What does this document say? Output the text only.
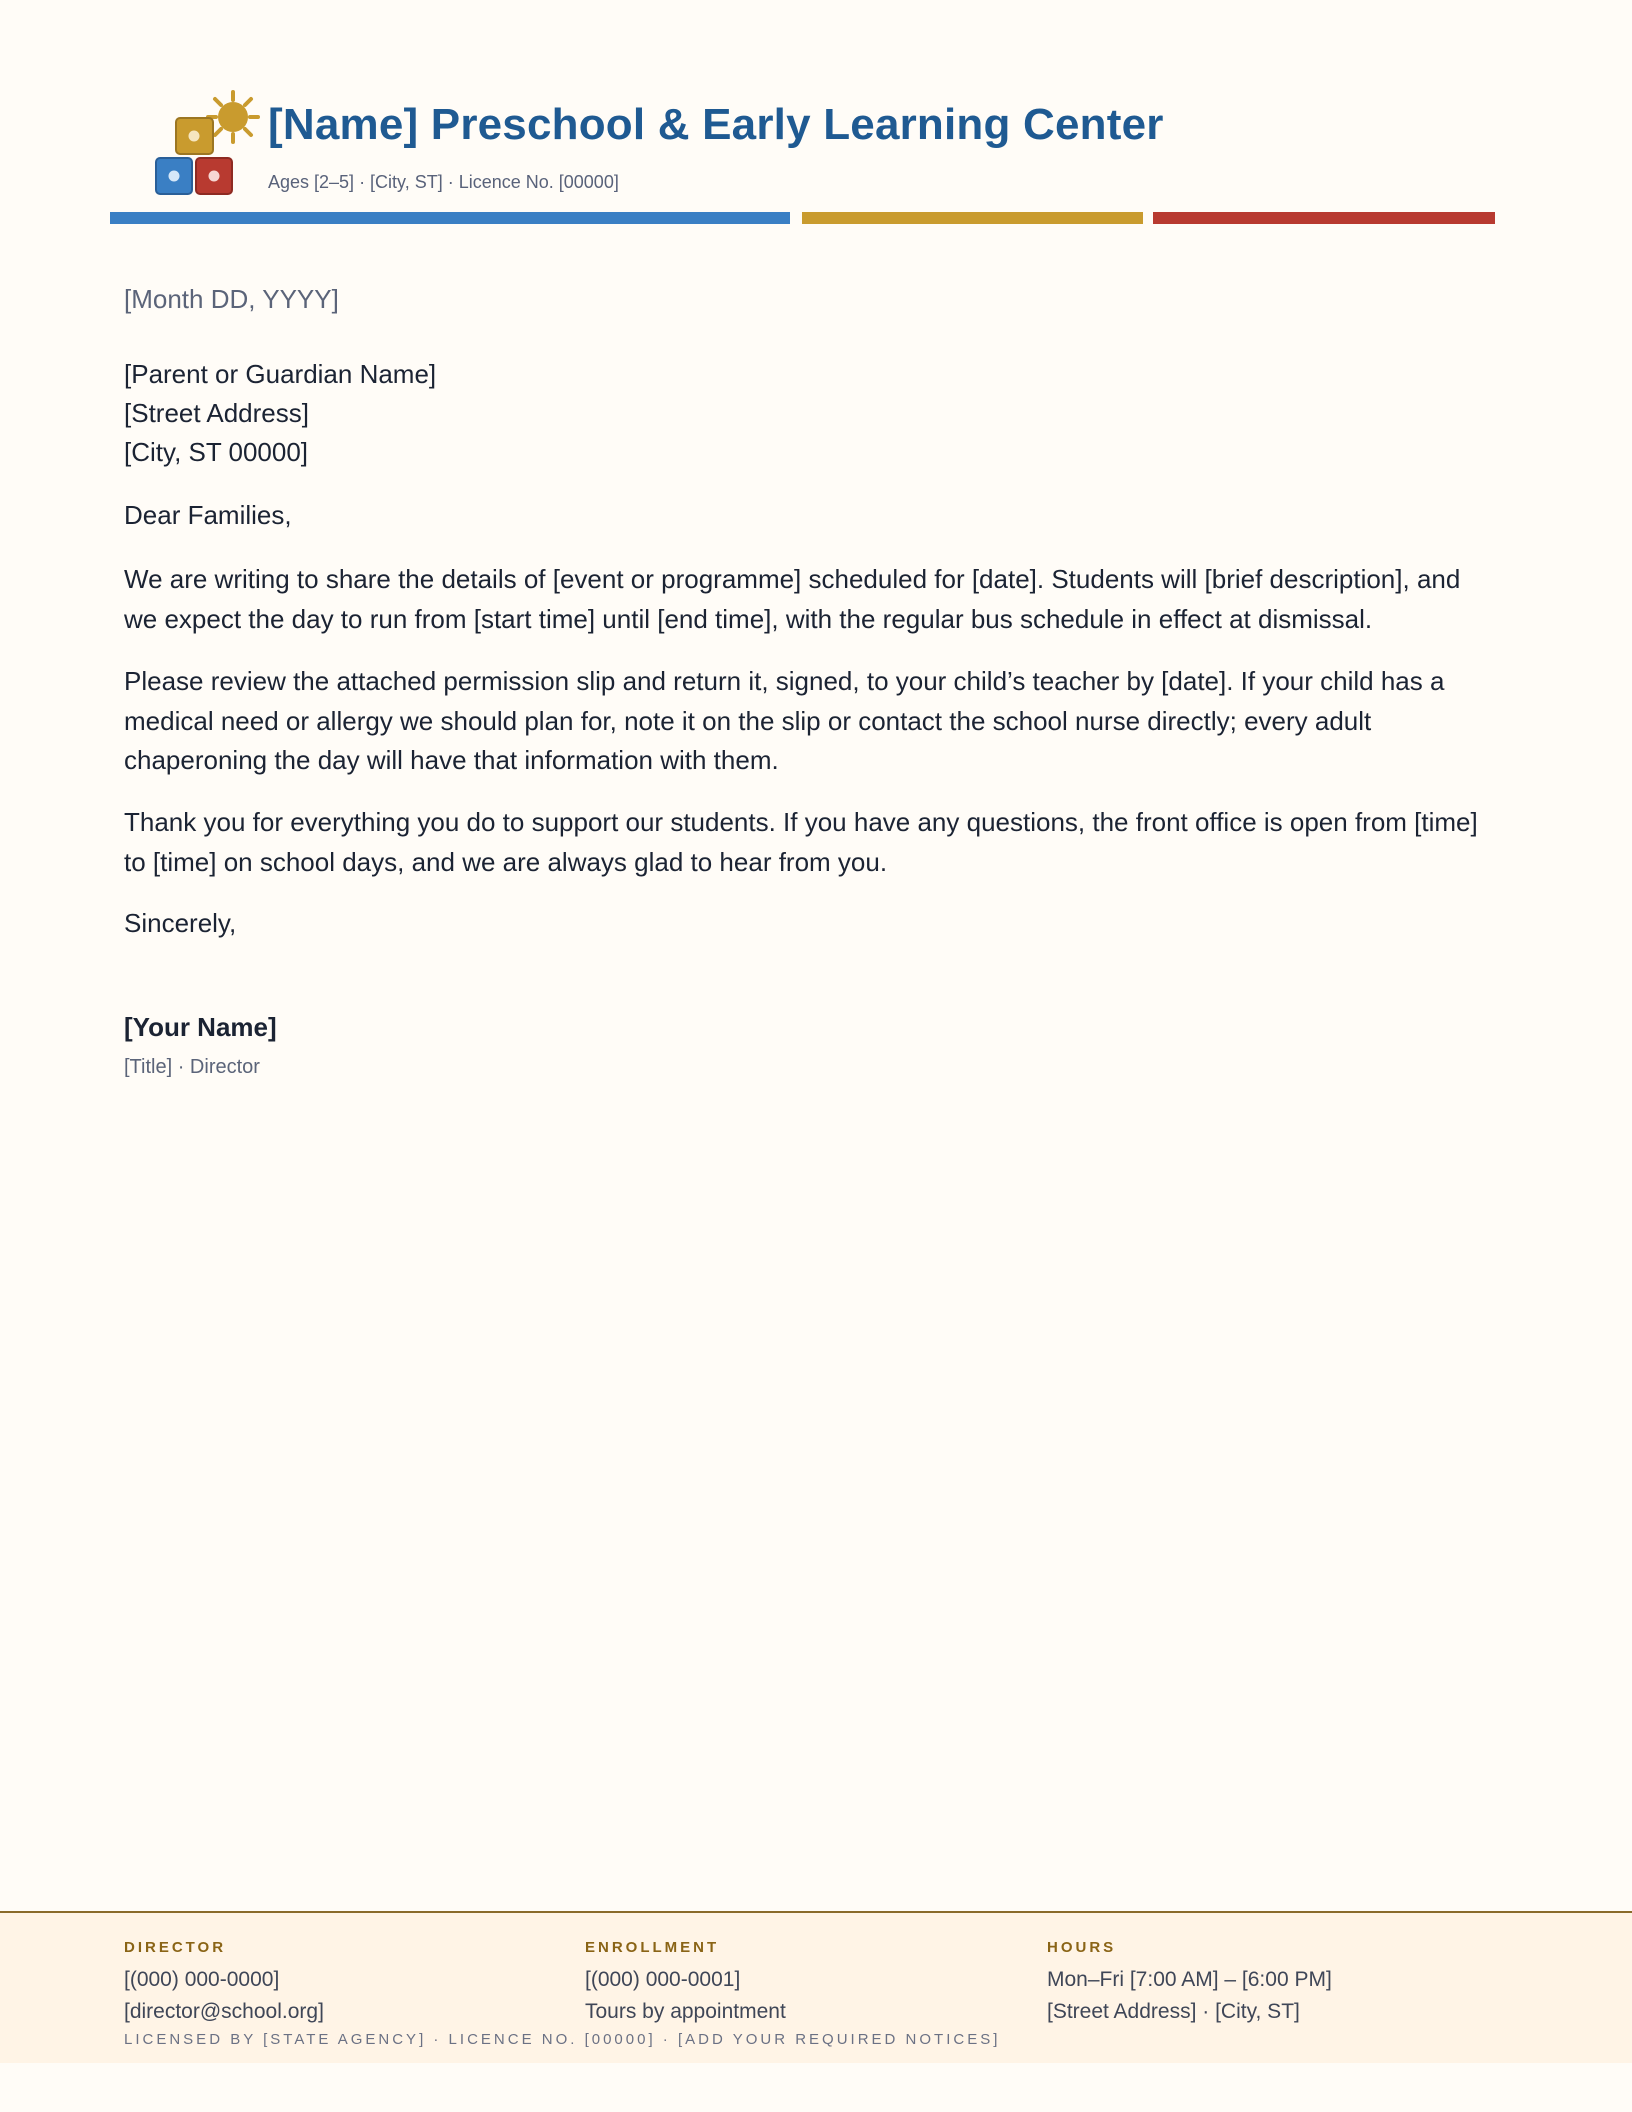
[Name] Preschool & Early Learning Center
Ages [2–5] · [City, ST] · Licence No. [00000]
[Month DD, YYYY]
[Parent or Guardian Name]
[Street Address]
[City, ST 00000]
Dear Families,

We are writing to share the details of [event or programme] scheduled for [date]. Students will [brief description], and we expect the day to run from [start time] until [end time], with the regular bus schedule in effect at dismissal.

Please review the attached permission slip and return it, signed, to your child’s teacher by [date]. If your child has a medical need or allergy we should plan for, note it on the slip or contact the school nurse directly; every adult chaperoning the day will have that information with them.

Thank you for everything you do to support our students. If you have any questions, the front office is open from [time] to [time] on school days, and we are always glad to hear from you.

Sincerely,
[Your Name]
[Title] · Director
DIRECTOR
[(000) 000-0000]
[director@school.org]
ENROLLMENT
[(000) 000-0001]
Tours by appointment
HOURS
Mon–Fri [7:00 AM] – [6:00 PM]
[Street Address] · [City, ST]
LICENSED BY [STATE AGENCY] · LICENCE NO. [00000] · [ADD YOUR REQUIRED NOTICES]
